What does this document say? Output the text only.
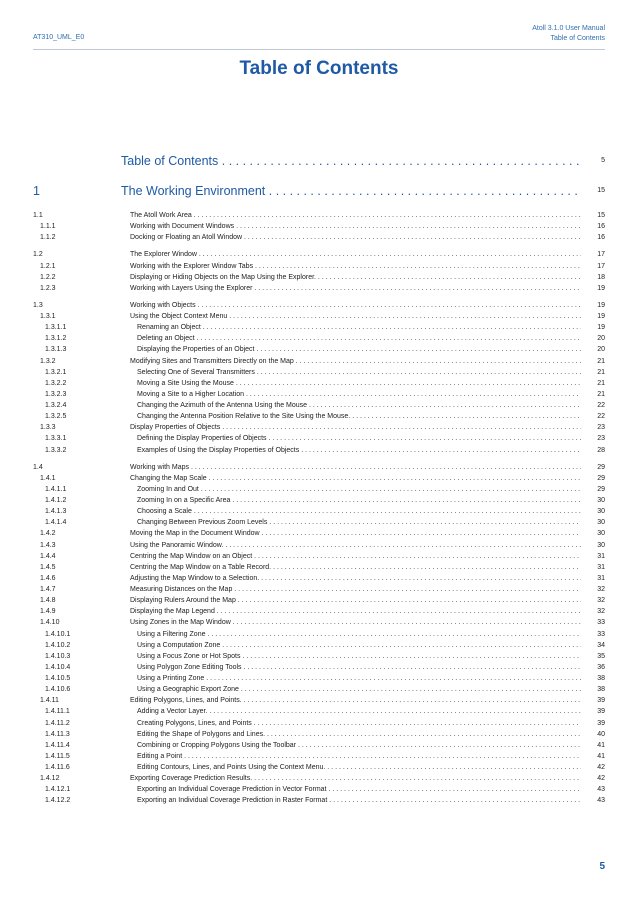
AT310_UML_E0
Atoll 3.1.0 User Manual
Table of Contents
Table of Contents
Table of Contents . . .	5
1	The Working Environment . . .	15
1.1	The Atoll Work Area . . .	15
1.1.1	Working with Document Windows . . .	16
1.1.2	Docking or Floating an Atoll Window . . .	16
1.2	The Explorer Window . . .	17
1.2.1	Working with the Explorer Window Tabs . . .	17
1.2.2	Displaying or Hiding Objects on the Map Using the Explorer. . . .	18
1.2.3	Working with Layers Using the Explorer . . .	19
1.3	Working with Objects . . .	19
1.3.1	Using the Object Context Menu . . .	19
1.3.1.1	Renaming an Object . . .	19
1.3.1.2	Deleting an Object . . .	20
1.3.1.3	Displaying the Properties of an Object . . .	20
1.3.2	Modifying Sites and Transmitters Directly on the Map . . .	21
1.3.2.1	Selecting One of Several Transmitters . . .	21
1.3.2.2	Moving a Site Using the Mouse . . .	21
1.3.2.3	Moving a Site to a Higher Location . . .	21
1.3.2.4	Changing the Azimuth of the Antenna Using the Mouse . . .	22
1.3.2.5	Changing the Antenna Position Relative to the Site Using the Mouse. . . .	22
1.3.3	Display Properties of Objects . . .	23
1.3.3.1	Defining the Display Properties of Objects . . .	23
1.3.3.2	Examples of Using the Display Properties of Objects . . .	28
1.4	Working with Maps . . .	29
1.4.1	Changing the Map Scale . . .	29
1.4.1.1	Zooming In and Out . . .	29
1.4.1.2	Zooming In on a Specific Area . . .	30
1.4.1.3	Choosing a Scale . . .	30
1.4.1.4	Changing Between Previous Zoom Levels . . .	30
1.4.2	Moving the Map in the Document Window . . .	30
1.4.3	Using the Panoramic Window. . . .	30
1.4.4	Centring the Map Window on an Object . . .	31
1.4.5	Centring the Map Window on a Table Record. . . .	31
1.4.6	Adjusting the Map Window to a Selection. . . .	31
1.4.7	Measuring Distances on the Map . . .	32
1.4.8	Displaying Rulers Around the Map . . .	32
1.4.9	Displaying the Map Legend . . .	32
1.4.10	Using Zones in the Map Window . . .	33
1.4.10.1	Using a Filtering Zone . . .	33
1.4.10.2	Using a Computation Zone . . .	34
1.4.10.3	Using a Focus Zone or Hot Spots . . .	35
1.4.10.4	Using Polygon Zone Editing Tools . . .	36
1.4.10.5	Using a Printing Zone . . .	38
1.4.10.6	Using a Geographic Export Zone . . .	38
1.4.11	Editing Polygons, Lines, and Points. . . .	39
1.4.11.1	Adding a Vector Layer. . . .	39
1.4.11.2	Creating Polygons, Lines, and Points . . .	39
1.4.11.3	Editing the Shape of Polygons and Lines. . . .	40
1.4.11.4	Combining or Cropping Polygons Using the Toolbar . . .	41
1.4.11.5	Editing a Point . . .	41
1.4.11.6	Editing Contours, Lines, and Points Using the Context Menu. . . .	42
1.4.12	Exporting Coverage Prediction Results. . . .	42
1.4.12.1	Exporting an Individual Coverage Prediction in Vector Format . . .	43
1.4.12.2	Exporting an Individual Coverage Prediction in Raster Format . . .	43
5
